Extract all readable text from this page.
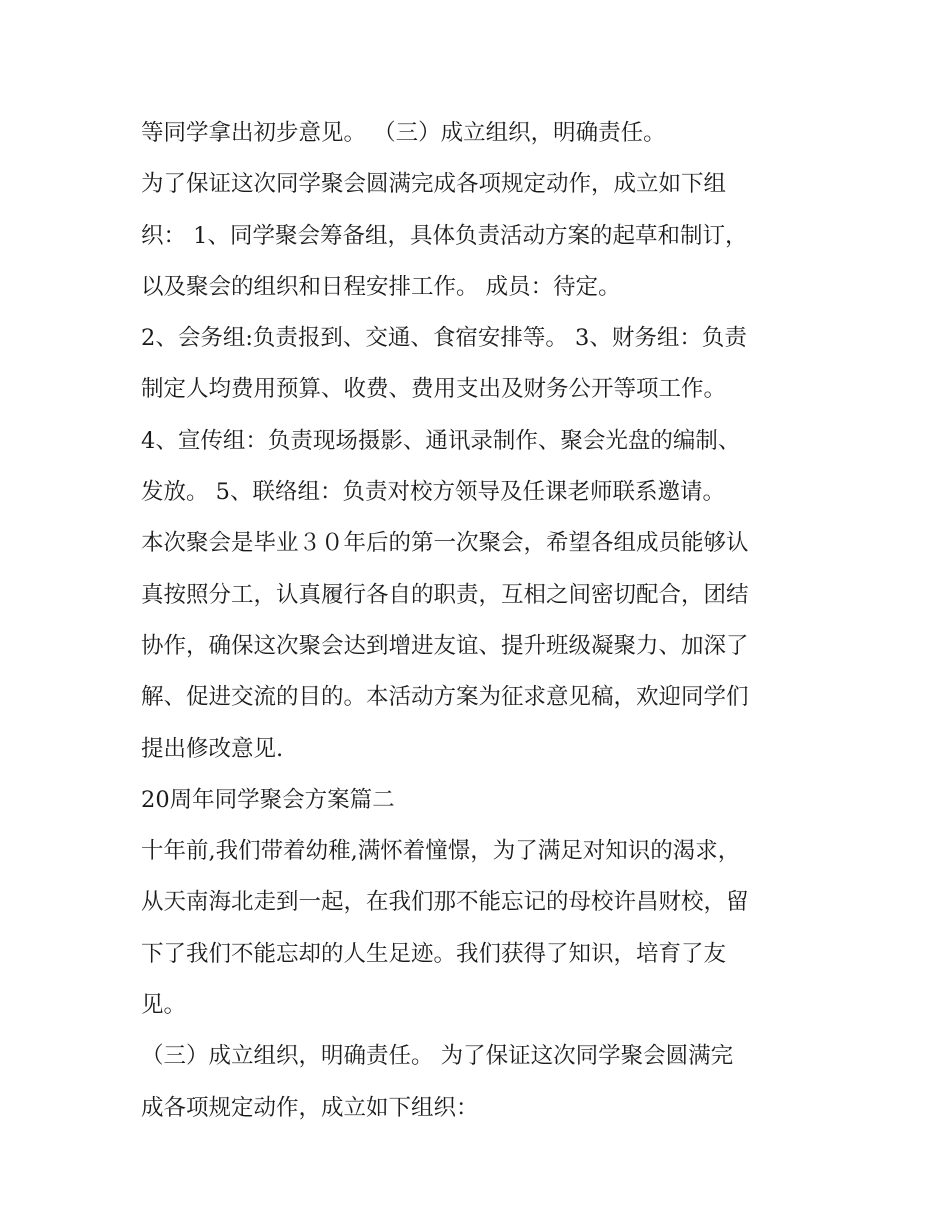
等同学拿出初步意见。 （三）成立组织，明确责任。
为了保证这次同学聚会圆满完成各项规定动作，成立如下组
织： 1、同学聚会筹备组，具体负责活动方案的起草和制订，
以及聚会的组织和日程安排工作。 成员：待定。
2、会务组:负责报到、交通、食宿安排等。 3、财务组：负责
制定人均费用预算、收费、费用支出及财务公开等项工作。
4、宣传组：负责现场摄影、通讯录制作、聚会光盘的编制、
发放。 5、联络组：负责对校方领导及任课老师联系邀请。
本次聚会是毕业３０年后的第一次聚会，希望各组成员能够认
真按照分工，认真履行各自的职责，互相之间密切配合，团结
协作，确保这次聚会达到增进友谊、提升班级凝聚力、加深了
解、促进交流的目的。本活动方案为征求意见稿，欢迎同学们
提出修改意见.
20周年同学聚会方案篇二
十年前,我们带着幼稚,满怀着憧憬，为了满足对知识的渴求，
从天南海北走到一起，在我们那不能忘记的母校许昌财校，留
下了我们不能忘却的人生足迹。我们获得了知识，培育了友
见。
（三）成立组织，明确责任。 为了保证这次同学聚会圆满完
成各项规定动作，成立如下组织：
